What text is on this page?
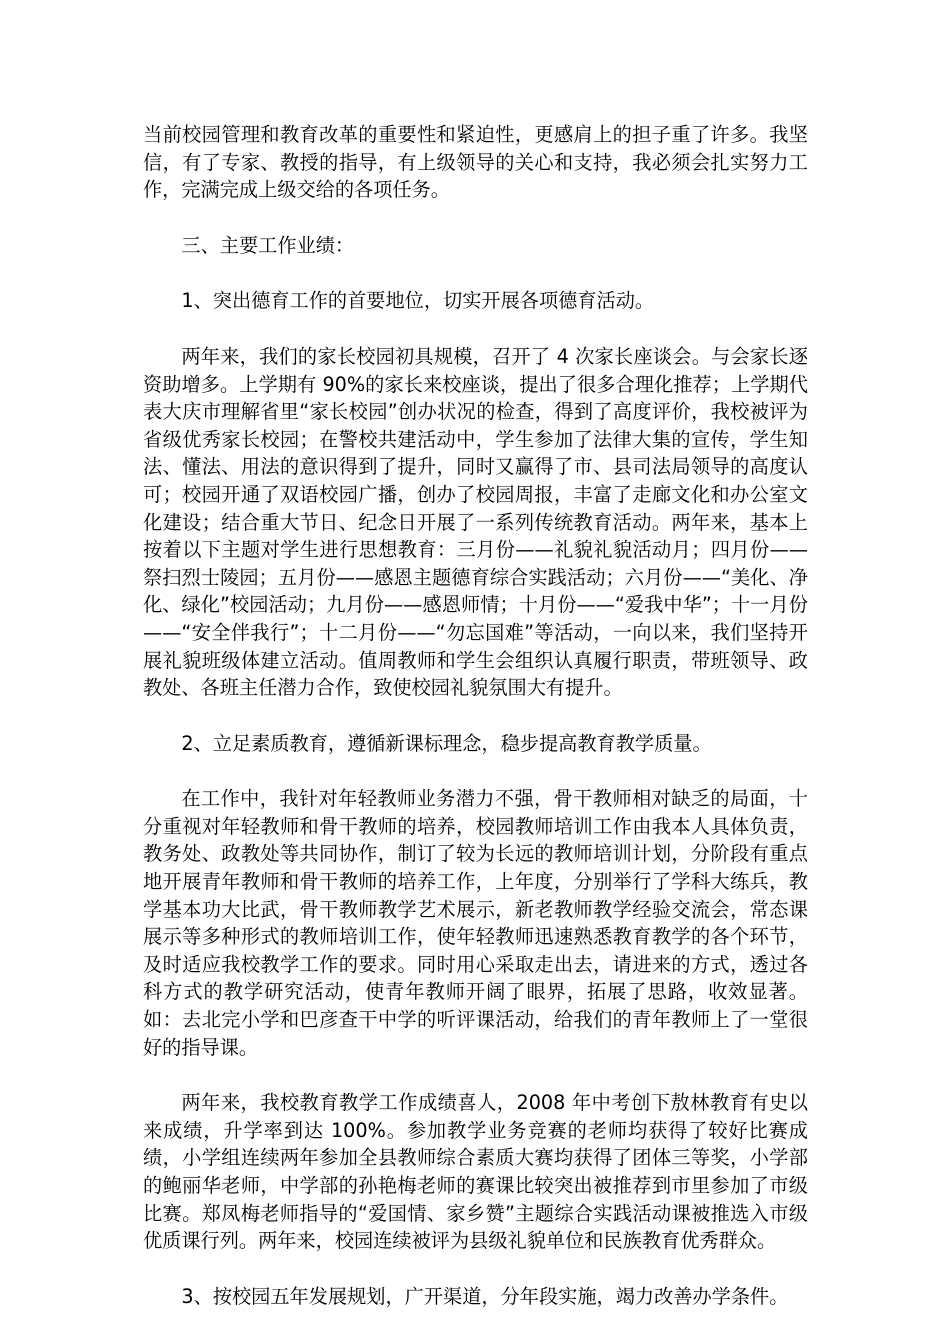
当前校园管理和教育改革的重要性和紧迫性，更感肩上的担子重了许多。我坚信，有了专家、教授的指导，有上级领导的关心和支持，我必须会扎实努力工作，完满完成上级交给的各项任务。

三、主要工作业绩：

1、突出德育工作的首要地位，切实开展各项德育活动。

两年来，我们的家长校园初具规模，召开了 4 次家长座谈会。与会家长逐资助增多。上学期有 90%的家长来校座谈，提出了很多合理化推荐；上学期代表大庆市理解省里“家长校园”创办状况的检查，得到了高度评价，我校被评为省级优秀家长校园；在警校共建活动中，学生参加了法律大集的宣传，学生知法、懂法、用法的意识得到了提升，同时又赢得了市、县司法局领导的高度认可；校园开通了双语校园广播，创办了校园周报，丰富了走廊文化和办公室文化建设；结合重大节日、纪念日开展了一系列传统教育活动。两年来，基本上按着以下主题对学生进行思想教育：三月份——礼貌礼貌活动月；四月份——祭扫烈士陵园；五月份——感恩主题德育综合实践活动；六月份——“美化、净化、绿化”校园活动；九月份——感恩师情；十月份——“爱我中华”；十一月份——“安全伴我行”；十二月份——“勿忘国难”等活动，一向以来，我们坚持开展礼貌班级体建立活动。值周教师和学生会组织认真履行职责，带班领导、政教处、各班主任潜力合作，致使校园礼貌氛围大有提升。

2、立足素质教育，遵循新课标理念，稳步提高教育教学质量。

在工作中，我针对年轻教师业务潜力不强，骨干教师相对缺乏的局面，十分重视对年轻教师和骨干教师的培养，校园教师培训工作由我本人具体负责，教务处、政教处等共同协作，制订了较为长远的教师培训计划，分阶段有重点地开展青年教师和骨干教师的培养工作，上年度，分别举行了学科大练兵，教学基本功大比武，骨干教师教学艺术展示，新老教师教学经验交流会，常态课展示等多种形式的教师培训工作，使年轻教师迅速熟悉教育教学的各个环节，及时适应我校教学工作的要求。同时用心采取走出去，请进来的方式，透过各科方式的教学研究活动，使青年教师开阔了眼界，拓展了思路，收效显著。如：去北完小学和巴彦查干中学的听评课活动，给我们的青年教师上了一堂很好的指导课。

两年来，我校教育教学工作成绩喜人，2008 年中考创下敖林教育有史以来成绩，升学率到达 100%。参加教学业务竞赛的老师均获得了较好比赛成绩，小学组连续两年参加全县教师综合素质大赛均获得了团体三等奖，小学部的鲍丽华老师，中学部的孙艳梅老师的赛课比较突出被推荐到市里参加了市级比赛。郑凤梅老师指导的“爱国情、家乡赞”主题综合实践活动课被推选入市级优质课行列。两年来，校园连续被评为县级礼貌单位和民族教育优秀群众。

3、按校园五年发展规划，广开渠道，分年段实施，竭力改善办学条件。
